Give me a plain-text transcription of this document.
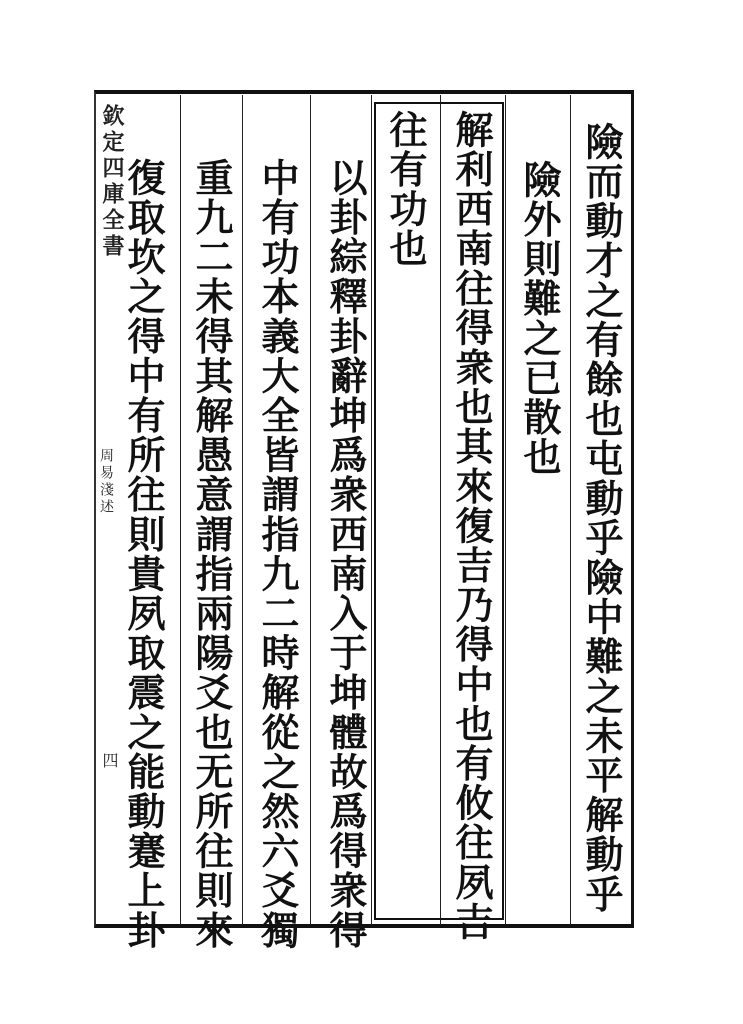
欽定四庫全書
周易淺述
四	險而動才之有餘也屯動乎險中難之未平解動乎
險外則難之已散也
解利西南往得衆也其來復吉乃得中也有攸往夙吉
往有功也
以卦綜釋卦辭坤爲衆西南入于坤體故爲得衆得
中有功本義大全皆謂指九二時解從之然六爻獨
重九二未得其解愚意謂指兩陽爻也无所往則來
復取坎之得中有所往則貴夙取震之能動蹇上卦
